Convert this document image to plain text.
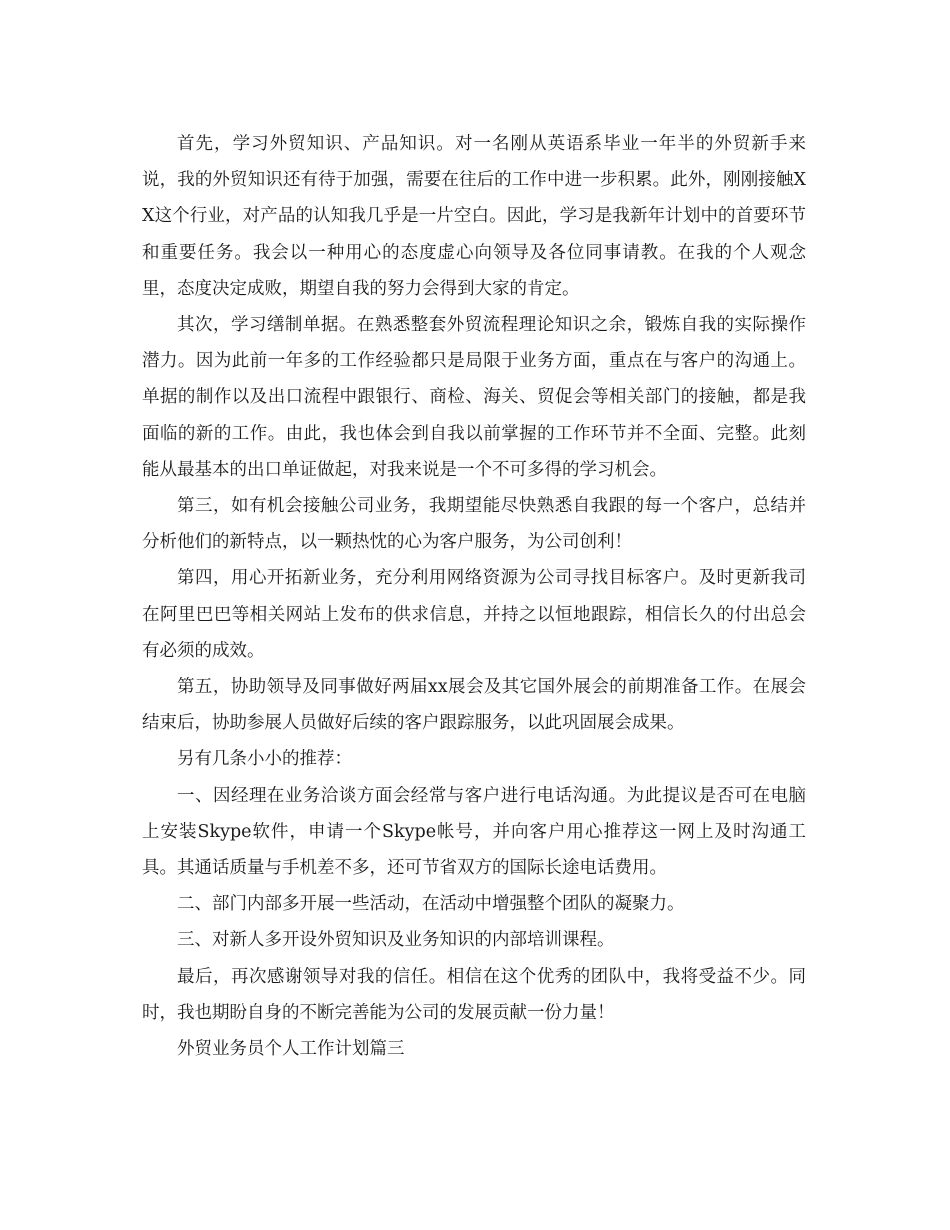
首先，学习外贸知识、产品知识。对一名刚从英语系毕业一年半的外贸新手来说，我的外贸知识还有待于加强，需要在往后的工作中进一步积累。此外，刚刚接触XX这个行业，对产品的认知我几乎是一片空白。因此，学习是我新年计划中的首要环节和重要任务。我会以一种用心的态度虚心向领导及各位同事请教。在我的个人观念里，态度决定成败，期望自我的努力会得到大家的肯定。

其次，学习缮制单据。在熟悉整套外贸流程理论知识之余，锻炼自我的实际操作潜力。因为此前一年多的工作经验都只是局限于业务方面，重点在与客户的沟通上。单据的制作以及出口流程中跟银行、商检、海关、贸促会等相关部门的接触，都是我面临的新的工作。由此，我也体会到自我以前掌握的工作环节并不全面、完整。此刻能从最基本的出口单证做起，对我来说是一个不可多得的学习机会。

第三，如有机会接触公司业务，我期望能尽快熟悉自我跟的每一个客户，总结并分析他们的新特点，以一颗热忱的心为客户服务，为公司创利！

第四，用心开拓新业务，充分利用网络资源为公司寻找目标客户。及时更新我司在阿里巴巴等相关网站上发布的供求信息，并持之以恒地跟踪，相信长久的付出总会有必须的成效。

第五，协助领导及同事做好两届xx展会及其它国外展会的前期准备工作。在展会结束后，协助参展人员做好后续的客户跟踪服务，以此巩固展会成果。

另有几条小小的推荐：

一、因经理在业务洽谈方面会经常与客户进行电话沟通。为此提议是否可在电脑上安装Skype软件，申请一个Skype帐号，并向客户用心推荐这一网上及时沟通工具。其通话质量与手机差不多，还可节省双方的国际长途电话费用。

二、部门内部多开展一些活动，在活动中增强整个团队的凝聚力。

三、对新人多开设外贸知识及业务知识的内部培训课程。

最后，再次感谢领导对我的信任。相信在这个优秀的团队中，我将受益不少。同时，我也期盼自身的不断完善能为公司的发展贡献一份力量！

外贸业务员个人工作计划篇三
